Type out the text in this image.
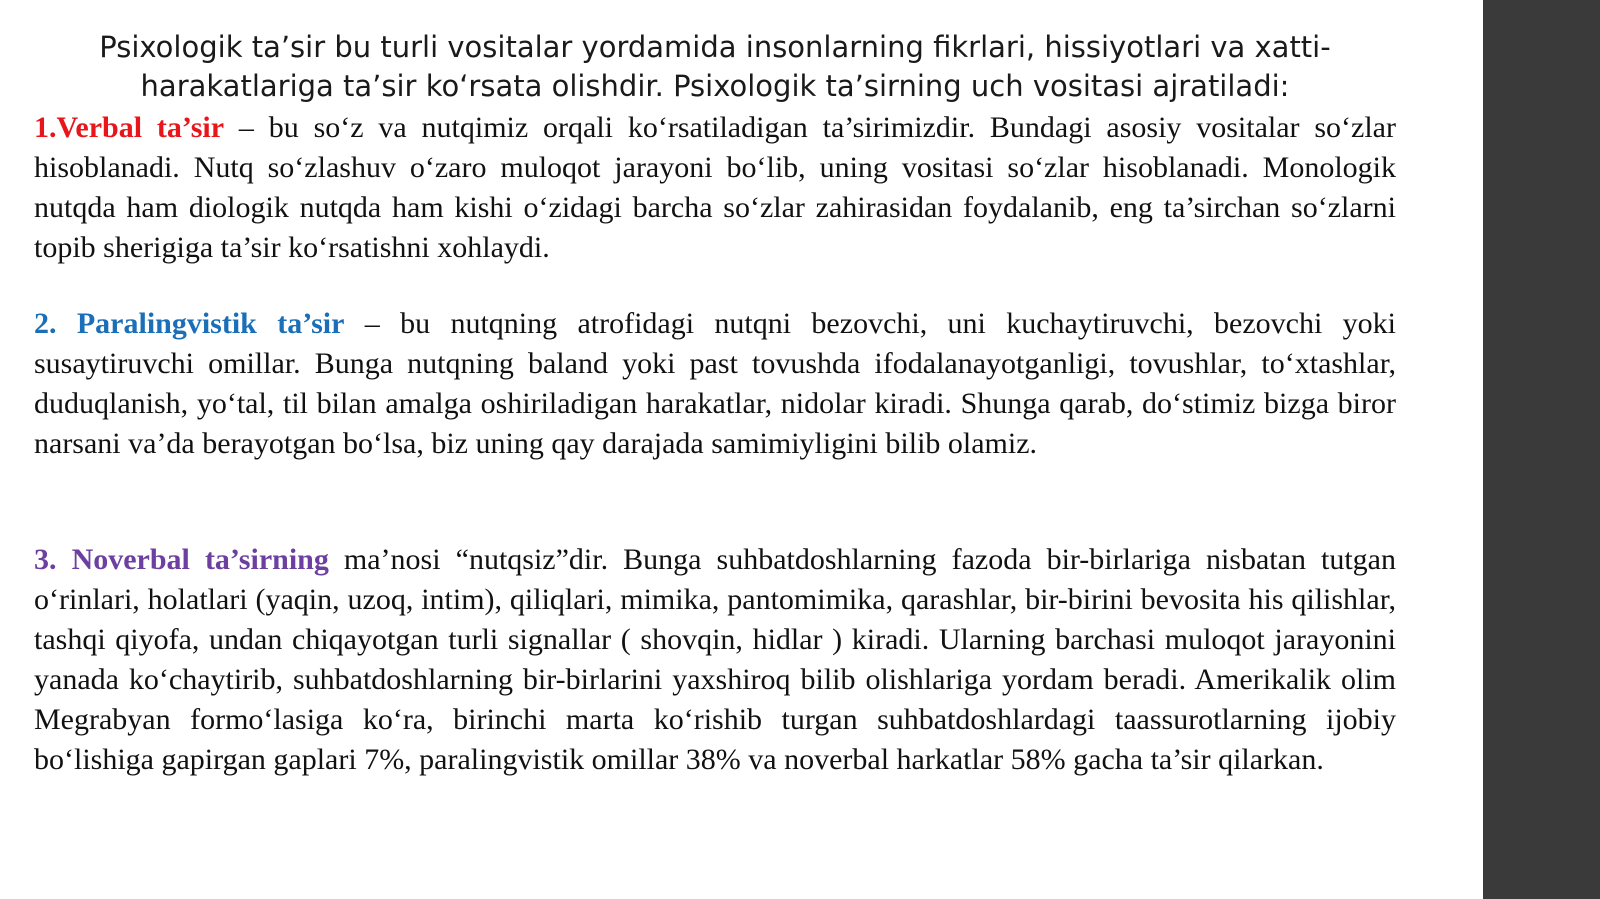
Psixologik ta’sir bu turli vositalar yordamida insonlarning fikrlari, hissiyotlari va xatti-harakatlariga ta’sir ko‘rsata olishdir. Psixologik ta’sirning uch vositasi ajratiladi:

1.Verbal ta’sir – bu so‘z va nutqimiz orqali ko‘rsatiladigan ta’sirimizdir. Bundagi asosiy vositalar so‘zlar hisoblanadi. Nutq so‘zlashuv o‘zaro muloqot jarayoni bo‘lib, uning vositasi so‘zlar hisoblanadi. Monologik nutqda ham diologik nutqda ham kishi o‘zidagi barcha so‘zlar zahirasidan foydalanib, eng ta’sirchan so‘zlarni topib sherigiga ta’sir ko‘rsatishni xohlaydi.

2. Paralingvistik ta’sir – bu nutqning atrofidagi nutqni bezovchi, uni kuchaytiruvchi, bezovchi yoki susaytiruvchi omillar. Bunga nutqning baland yoki past tovushda ifodalanayotganligi, tovushlar, to‘xtashlar, duduqlanish, yo‘tal, til bilan amalga oshiriladigan harakatlar, nidolar kiradi. Shunga qarab, do‘stimiz bizga biror narsani va’da berayotgan bo‘lsa, biz uning qay darajada samimiyligini bilib olamiz.

3. Noverbal ta’sirning ma’nosi “nutqsiz”dir. Bunga suhbatdoshlarning fazoda bir-birlariga nisbatan tutgan o‘rinlari, holatlari (yaqin, uzoq, intim), qiliqlari, mimika, pantomimika, qarashlar, bir-birini bevosita his qilishlar, tashqi qiyofa, undan chiqayotgan turli signallar ( shovqin, hidlar ) kiradi. Ularning barchasi muloqot jarayonini yanada ko‘chaytirib, suhbatdoshlarning bir-birlarini yaxshiroq bilib olishlariga yordam beradi. Amerikalik olim Megrabyan formo‘lasiga ko‘ra, birinchi marta ko‘rishib turgan suhbatdoshlardagi taassurotlarning ijobiy bo‘lishiga gapirgan gaplari 7%, paralingvistik omillar 38% va noverbal harkatlar 58% gacha ta’sir qilarkan.
